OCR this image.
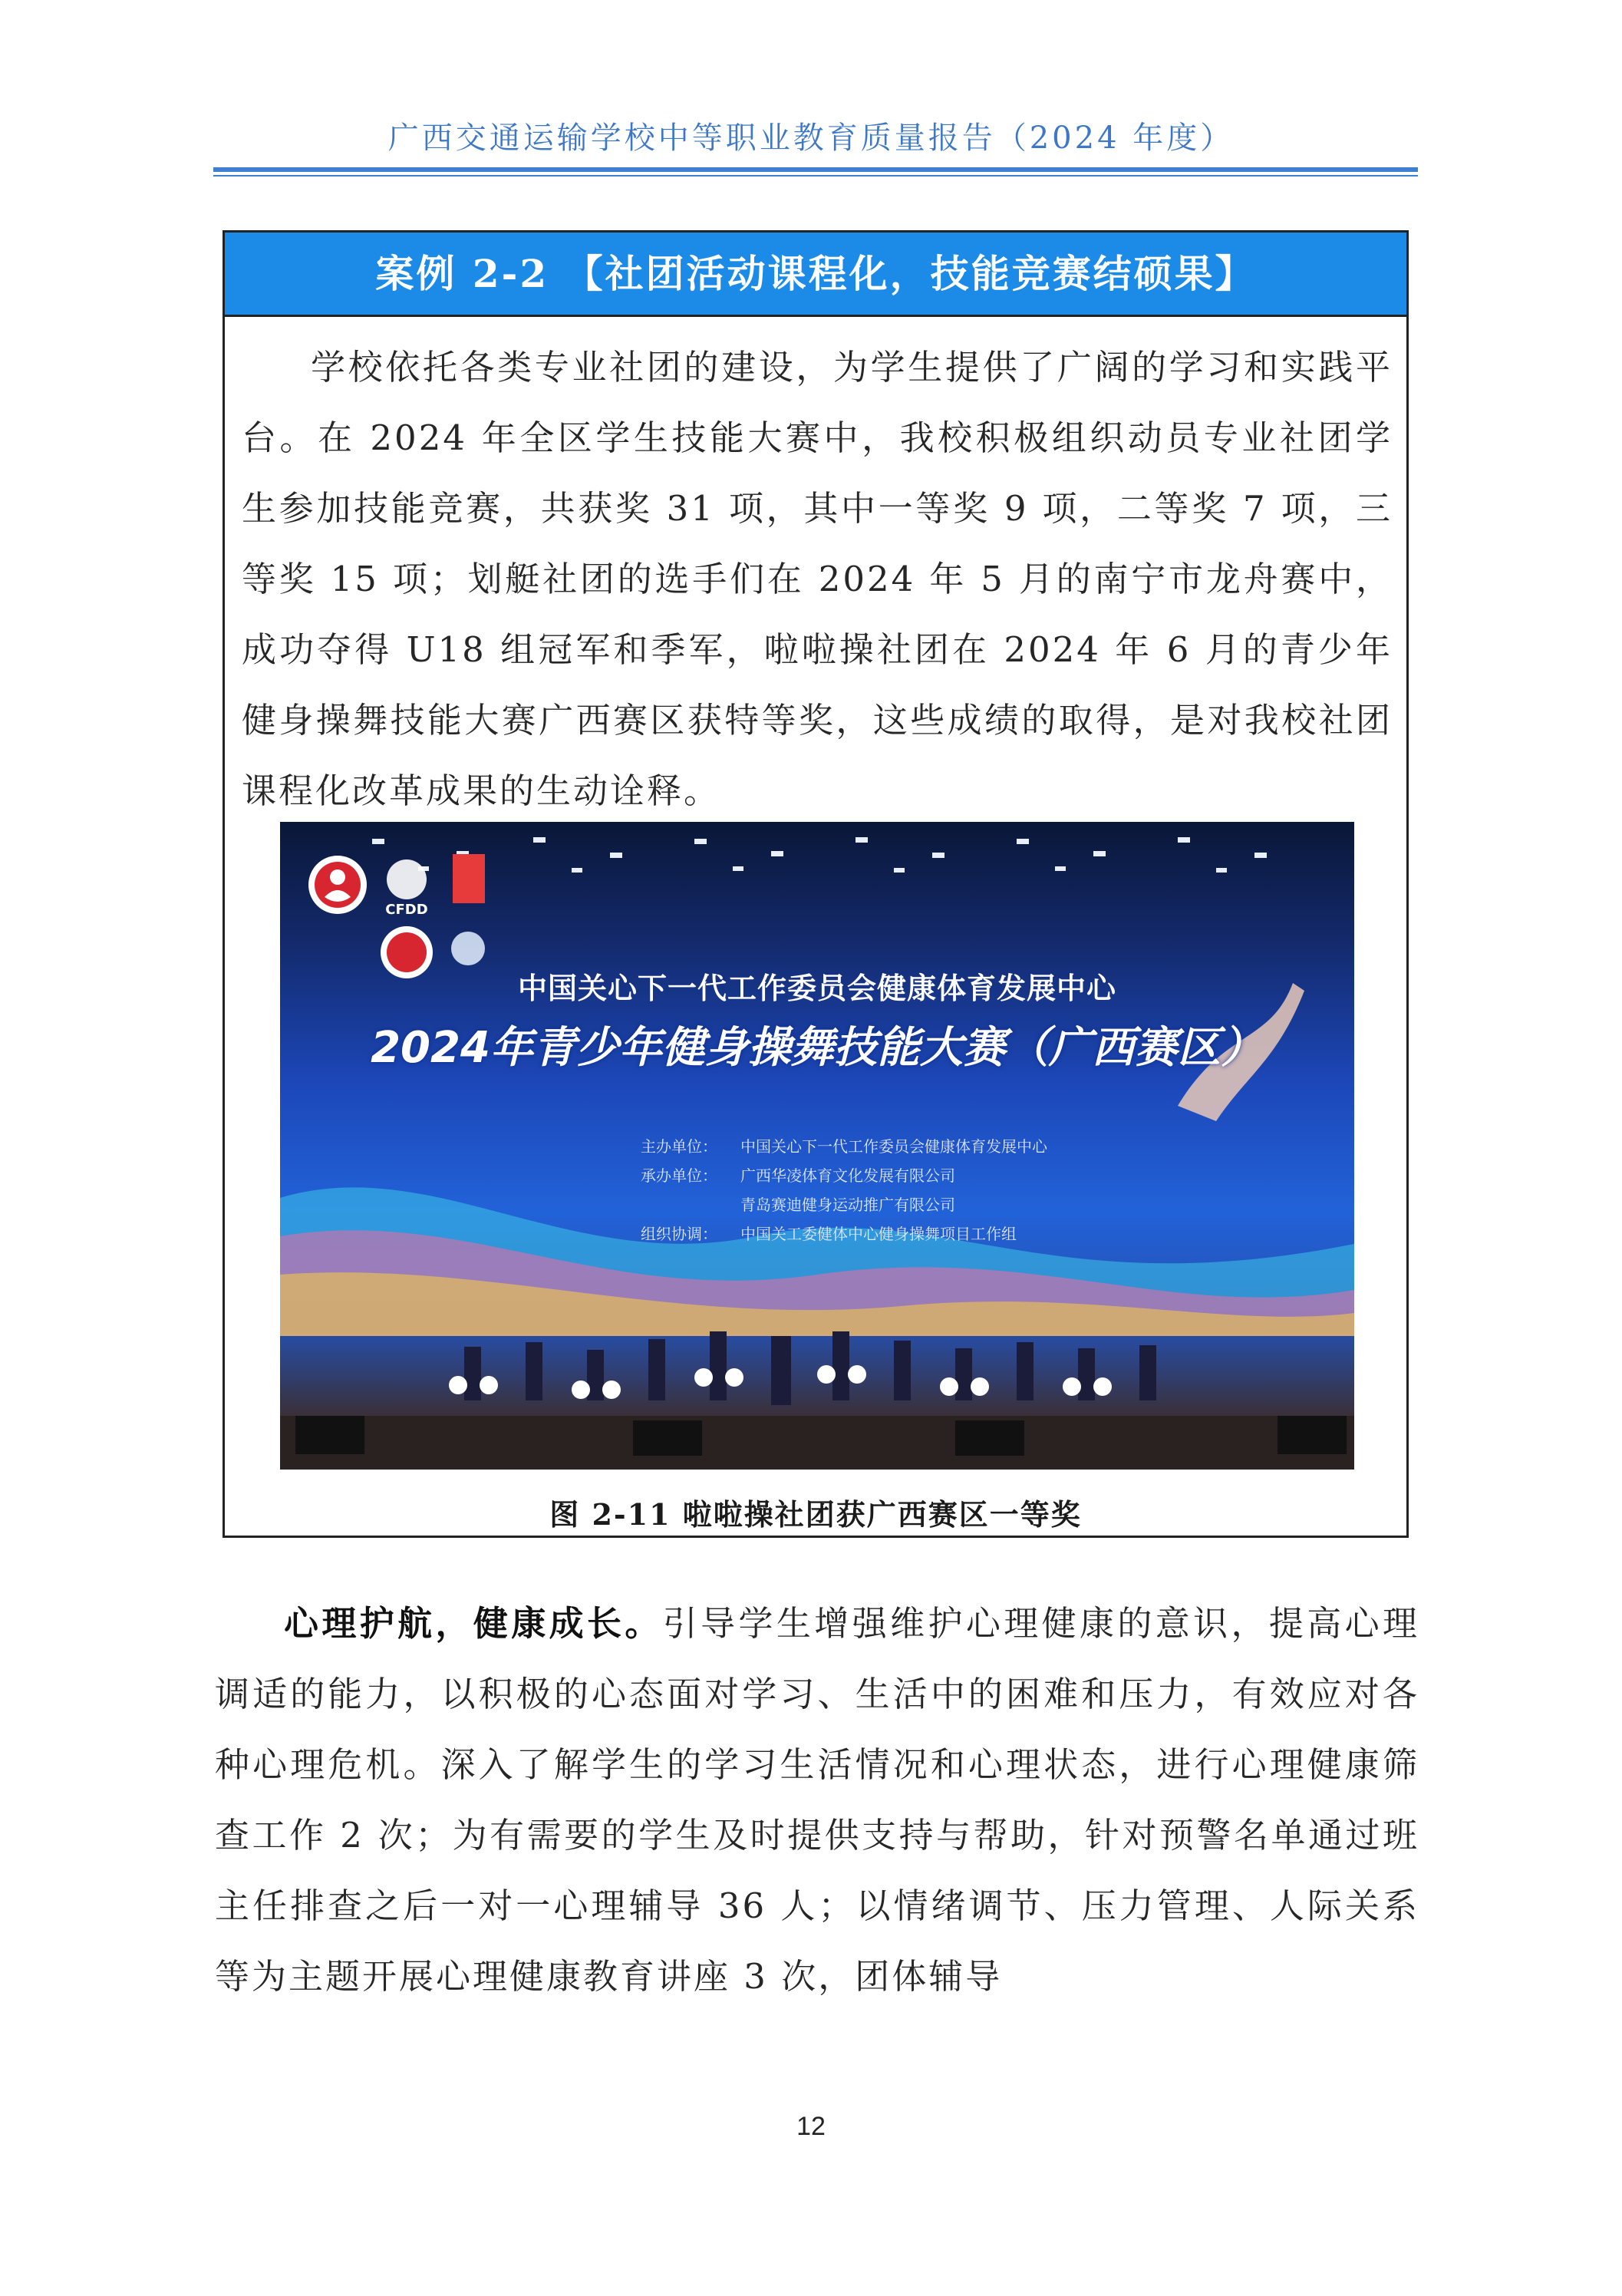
广西交通运输学校中等职业教育质量报告（2024 年度）
案例 2-2 【社团活动课程化，技能竞赛结硕果】
学校依托各类专业社团的建设，为学生提供了广阔的学习和实践平台。在 2024 年全区学生技能大赛中，我校积极组织动员专业社团学生参加技能竞赛，共获奖 31 项，其中一等奖 9 项，二等奖 7 项，三等奖 15 项；划艇社团的选手们在 2024 年 5 月的南宁市龙舟赛中，成功夺得 U18 组冠军和季军，啦啦操社团在 2024 年 6 月的青少年健身操舞技能大赛广西赛区获特等奖，这些成绩的取得，是对我校社团课程化改革成果的生动诠释。
CFDD
中国关心下一代工作委员会健康体育发展中心
2024年青少年健身操舞技能大赛（广西赛区）
主办单位： 中国关心下一代工作委员会健康体育发展中心
承办单位： 广西华凌体育文化发展有限公司
青岛赛迪健身运动推广有限公司
组织协调： 中国关工委健体中心健身操舞项目工作组
图 2-11 啦啦操社团获广西赛区一等奖
心理护航，健康成长。引导学生增强维护心理健康的意识，提高心理调适的能力，以积极的心态面对学习、生活中的困难和压力，有效应对各种心理危机。深入了解学生的学习生活情况和心理状态，进行心理健康筛查工作 2 次；为有需要的学生及时提供支持与帮助，针对预警名单通过班主任排查之后一对一心理辅导 36 人；以情绪调节、压力管理、人际关系等为主题开展心理健康教育讲座 3 次，团体辅导
12
